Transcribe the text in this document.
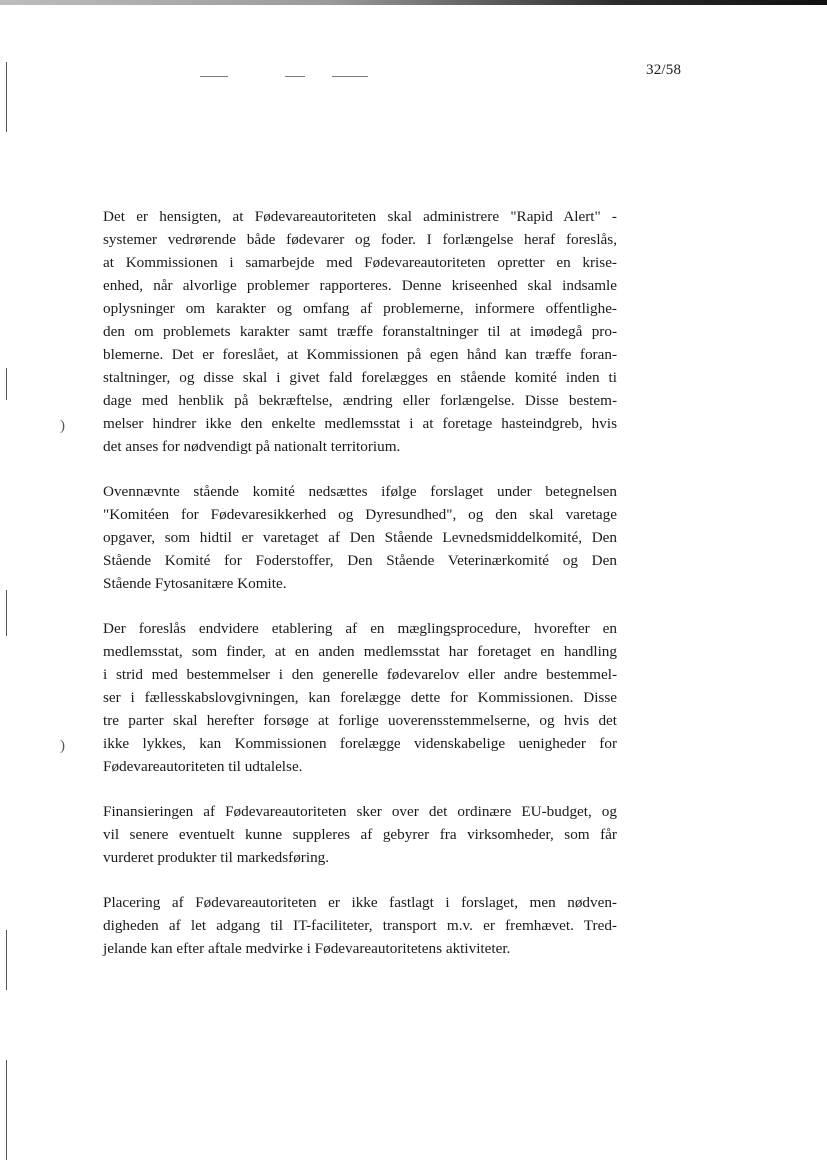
32/58
)
)

Det er hensigten, at Fødevareautoriteten skal administrere "Rapid Alert" -
systemer vedrørende både fødevarer og foder. I forlængelse heraf foreslås,
at Kommissionen i samarbejde med Fødevareautoriteten opretter en krise-
enhed, når alvorlige problemer rapporteres. Denne kriseenhed skal indsamle
oplysninger om karakter og omfang af problemerne, informere offentlighe-
den om problemets karakter samt træffe foranstaltninger til at imødegå pro-
blemerne. Det er foreslået, at Kommissionen på egen hånd kan træffe foran-
staltninger, og disse skal i givet fald forelægges en stående komité inden ti
dage med henblik på bekræftelse, ændring eller forlængelse. Disse bestem-
melser hindrer ikke den enkelte medlemsstat i at foretage hasteindgreb, hvis
det anses for nødvendigt på nationalt territorium.

Ovennævnte stående komité nedsættes ifølge forslaget under betegnelsen
"Komitéen for Fødevaresikkerhed og Dyresundhed", og den skal varetage
opgaver, som hidtil er varetaget af Den Stående Levnedsmiddelkomité, Den
Stående Komité for Foderstoffer, Den Stående Veterinærkomité og Den
Stående Fytosanitære Komite.

Der foreslås endvidere etablering af en mæglingsprocedure, hvorefter en
medlemsstat, som finder, at en anden medlemsstat har foretaget en handling
i strid med bestemmelser i den generelle fødevarelov eller andre bestemmel-
ser i fællesskabslovgivningen, kan forelægge dette for Kommissionen. Disse
tre parter skal herefter forsøge at forlige uoverensstemmelserne, og hvis det
ikke lykkes, kan Kommissionen forelægge videnskabelige uenigheder for
Fødevareautoriteten til udtalelse.

Finansieringen af Fødevareautoriteten sker over det ordinære EU-budget, og
vil senere eventuelt kunne suppleres af gebyrer fra virksomheder, som får
vurderet produkter til markedsføring.

Placering af Fødevareautoriteten er ikke fastlagt i forslaget, men nødven-
digheden af let adgang til IT-faciliteter, transport m.v. er fremhævet. Tred-
jelande kan efter aftale medvirke i Fødevareautoritetens aktiviteter.
